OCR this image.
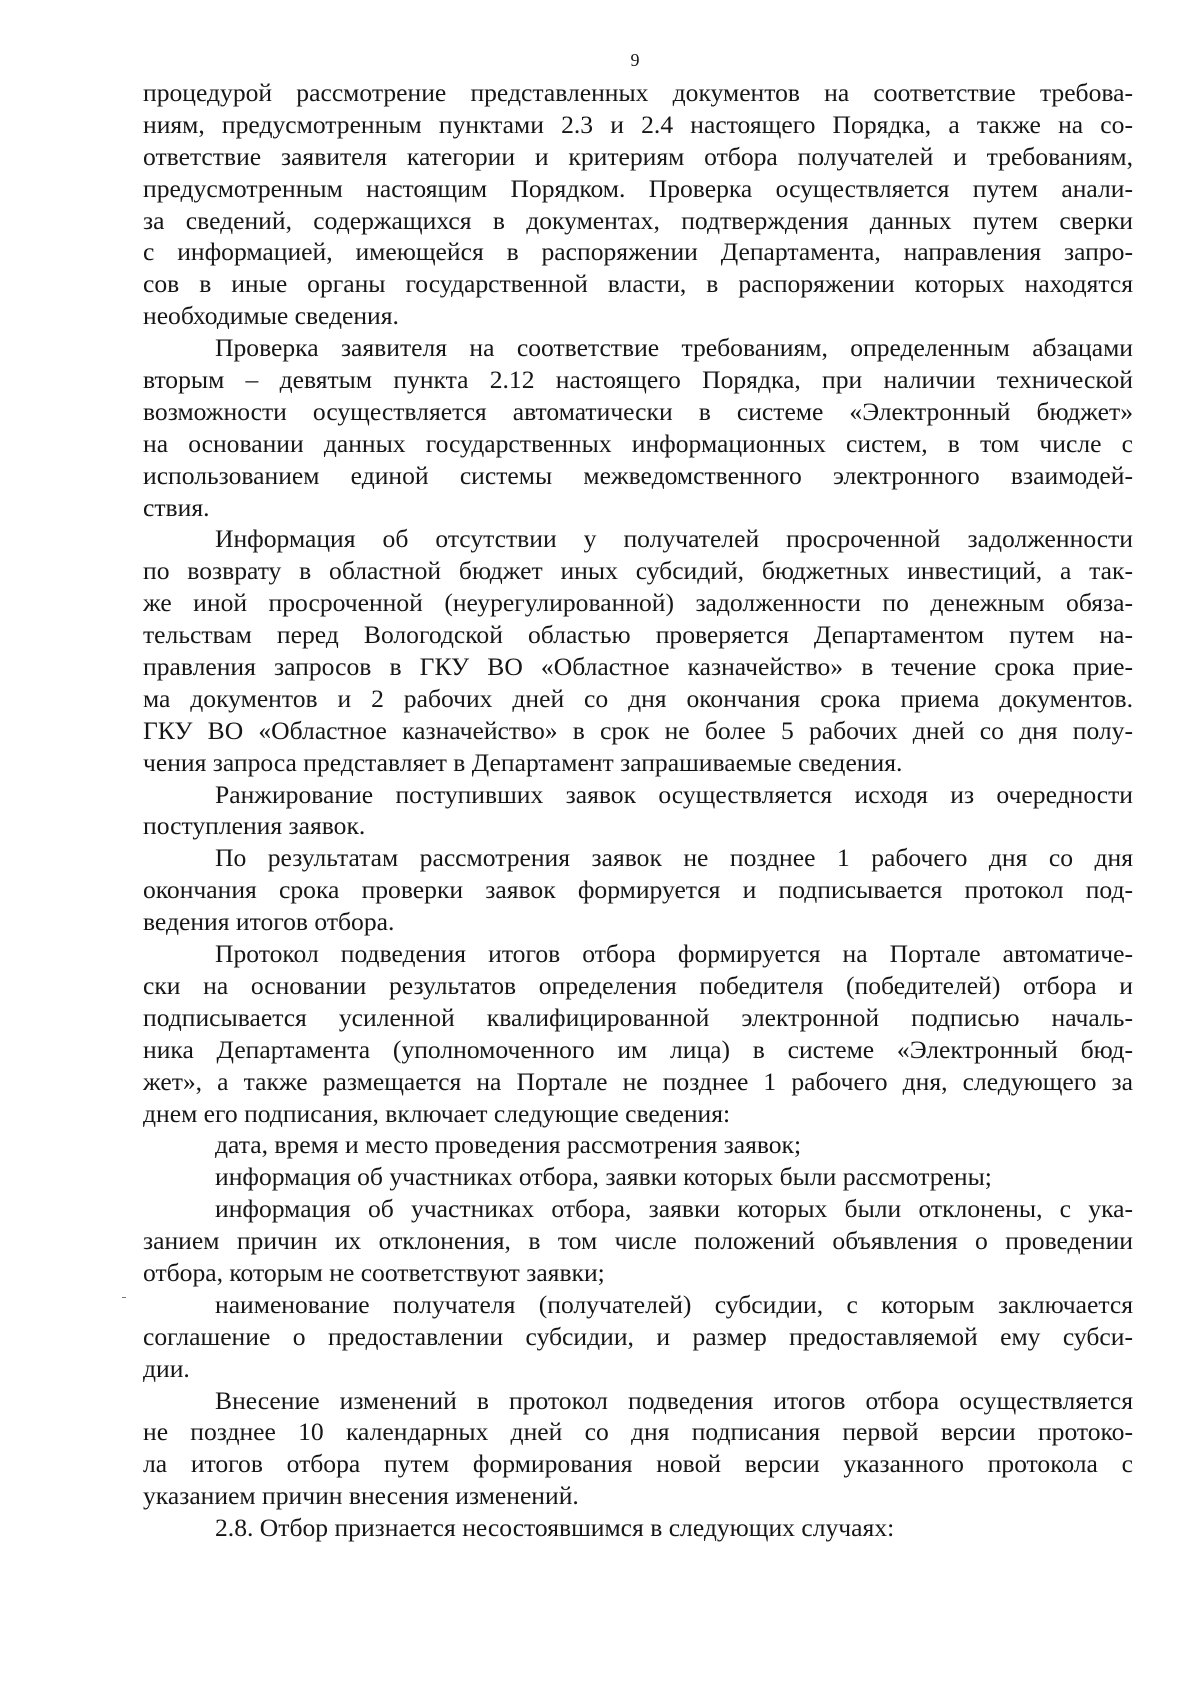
9
процедурой рассмотрение представленных документов на соответствие требова-
ниям, предусмотренным пунктами 2.3 и 2.4 настоящего Порядка, а также на со-
ответствие заявителя категории и критериям отбора получателей и требованиям,
предусмотренным настоящим Порядком. Проверка осуществляется путем анали-
за сведений, содержащихся в документах, подтверждения данных путем сверки
с информацией, имеющейся в распоряжении Департамента, направления запро-
сов в иные органы государственной власти, в распоряжении которых находятся
необходимые сведения.
Проверка заявителя на соответствие требованиям, определенным абзацами
вторым – девятым пункта 2.12 настоящего Порядка, при наличии технической
возможности осуществляется автоматически в системе «Электронный бюджет»
на основании данных государственных информационных систем, в том числе с
использованием единой системы межведомственного электронного взаимодей-
ствия.
Информация об отсутствии у получателей просроченной задолженности
по возврату в областной бюджет иных субсидий, бюджетных инвестиций, а так-
же иной просроченной (неурегулированной) задолженности по денежным обяза-
тельствам перед Вологодской областью проверяется Департаментом путем на-
правления запросов в ГКУ ВО «Областное казначейство» в течение срока прие-
ма документов и 2 рабочих дней со дня окончания срока приема документов.
ГКУ ВО «Областное казначейство» в срок не более 5 рабочих дней со дня полу-
чения запроса представляет в Департамент запрашиваемые сведения.
Ранжирование поступивших заявок осуществляется исходя из очередности
поступления заявок.
По результатам рассмотрения заявок не позднее 1 рабочего дня со дня
окончания срока проверки заявок формируется и подписывается протокол под-
ведения итогов отбора.
Протокол подведения итогов отбора формируется на Портале автоматиче-
ски на основании результатов определения победителя (победителей) отбора и
подписывается усиленной квалифицированной электронной подписью началь-
ника Департамента (уполномоченного им лица) в системе «Электронный бюд-
жет», а также размещается на Портале не позднее 1 рабочего дня, следующего за
днем его подписания, включает следующие сведения:
дата, время и место проведения рассмотрения заявок;
информация об участниках отбора, заявки которых были рассмотрены;
информация об участниках отбора, заявки которых были отклонены, с ука-
занием причин их отклонения, в том числе положений объявления о проведении
отбора, которым не соответствуют заявки;
наименование получателя (получателей) субсидии, с которым заключается
соглашение о предоставлении субсидии, и размер предоставляемой ему субси-
дии.
Внесение изменений в протокол подведения итогов отбора осуществляется
не позднее 10 календарных дней со дня подписания первой версии протоко-
ла итогов отбора путем формирования новой версии указанного протокола с
указанием причин внесения изменений.
2.8. Отбор признается несостоявшимся в следующих случаях:
